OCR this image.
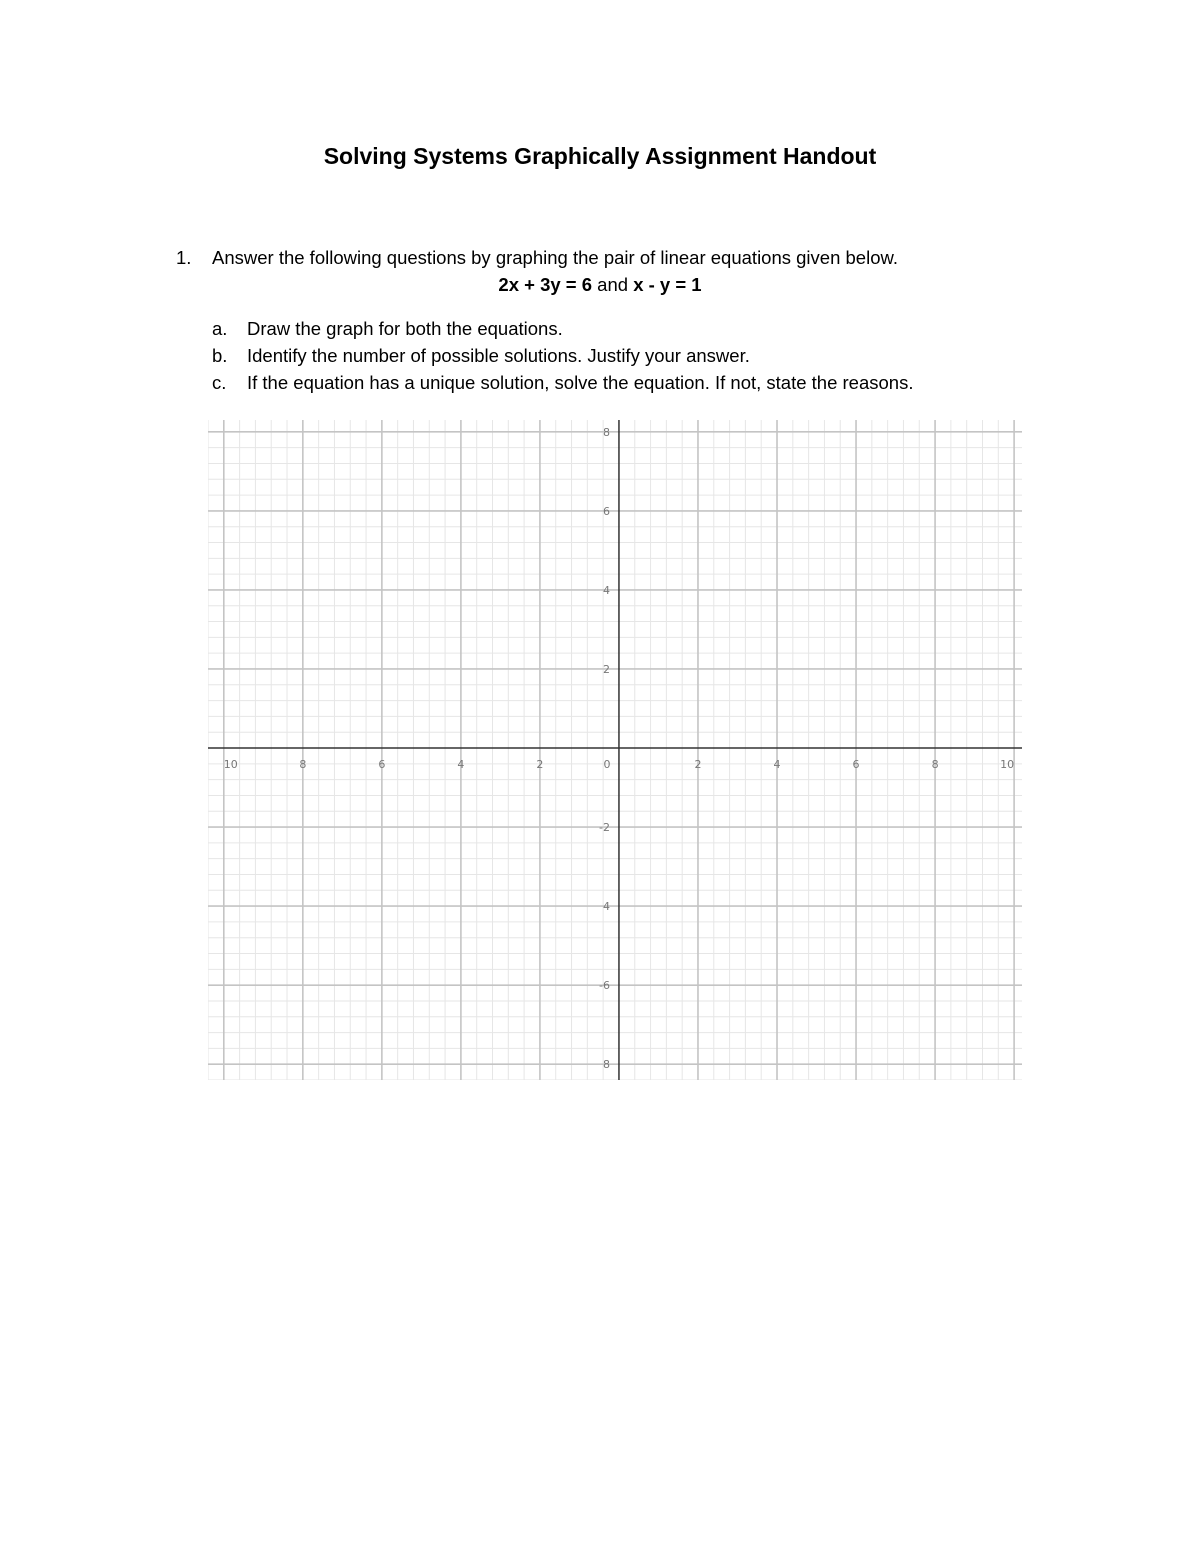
Solving Systems Graphically Assignment Handout
1. Answer the following questions by graphing the pair of linear equations given below.
2x + 3y = 6 and x - y = 1
a. Draw the graph for both the equations.
b. Identify the number of possible solutions. Justify your answer.
c. If the equation has a unique solution, solve the equation. If not, state the reasons.
10	8	6	4	2	0	2	4	6	8	10
8
6
4
2
-2
4
-6
8
